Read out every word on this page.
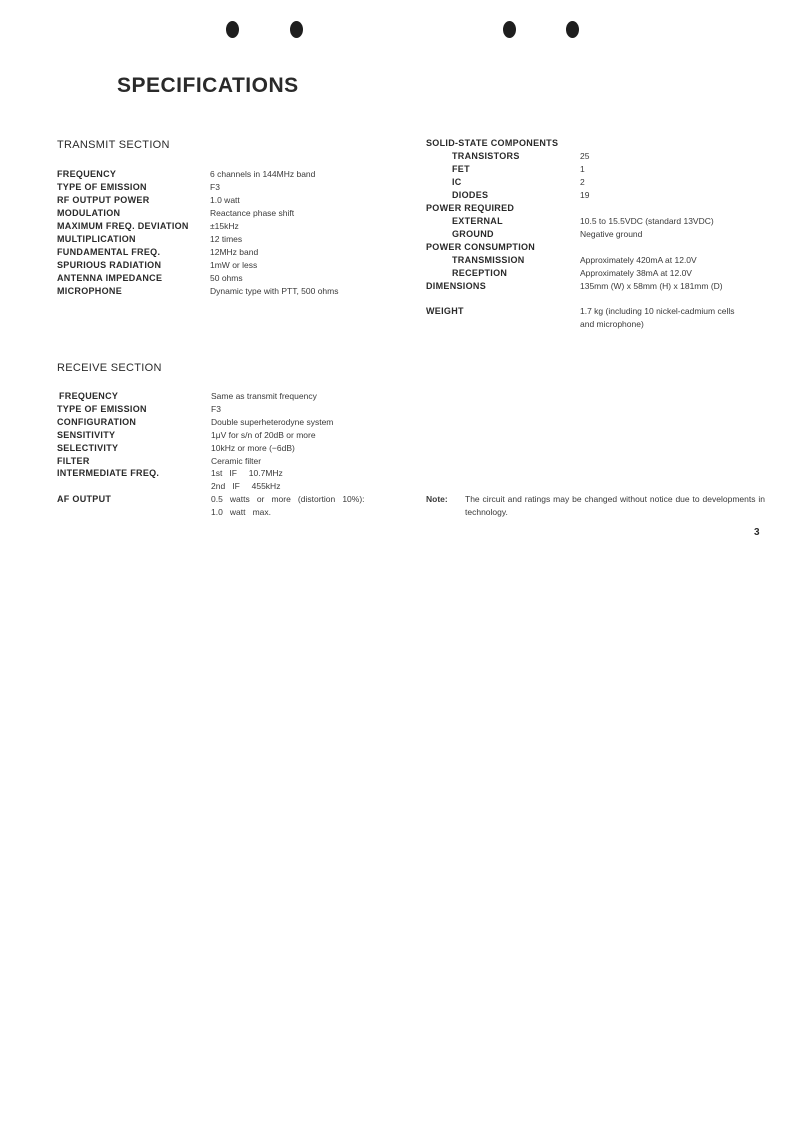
SPECIFICATIONS
TRANSMIT SECTION
FREQUENCY	6 channels in 144MHz band
TYPE OF EMISSION	F3
RF OUTPUT POWER	1.0 watt
MODULATION	Reactance phase shift
MAXIMUM FREQ. DEVIATION	±15kHz
MULTIPLICATION	12 times
FUNDAMENTAL FREQ.	12MHz band
SPURIOUS RADIATION	1mW or less
ANTENNA IMPEDANCE	50 ohms
MICROPHONE	Dynamic type with PTT, 500 ohms
RECEIVE SECTION
FREQUENCY	Same as transmit frequency
TYPE OF EMISSION	F3
CONFIGURATION	Double superheterodyne system
SENSITIVITY	1μV for s/n of 20dB or more
SELECTIVITY	10kHz or more (−6dB)
FILTER	Ceramic filter
INTERMEDIATE FREQ.	1st   IF     10.7MHz
2nd   IF     455kHz
AF OUTPUT	0.5   watts   or   more   (distortion   10%):
1.0   watt   max.
SOLID-STATE COMPONENTS
TRANSISTORS	25
FET	1
IC	2
DIODES	19
POWER REQUIRED
EXTERNAL	10.5 to 15.5VDC (standard 13VDC)
GROUND	Negative ground
POWER CONSUMPTION
TRANSMISSION	Approximately 420mA at 12.0V
RECEPTION	Approximately 38mA at 12.0V
DIMENSIONS	135mm (W) x 58mm (H) x 181mm (D)
WEIGHT	1.7 kg (including 10 nickel-cadmium cells
and microphone)
Note: The circuit and ratings may be changed without notice due to developments in technology.
3
